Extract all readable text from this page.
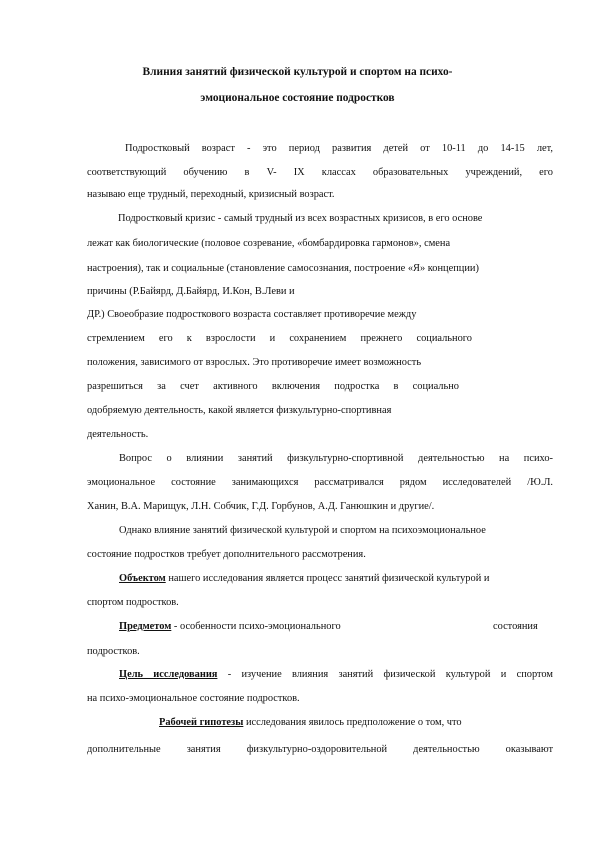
Влиния занятий физической культурой и спортом на психо-
эмоциональное состояние подростков
Подростковый возраст - это период развития детей от 10-11 до 14-15 лет,
соответствующий обучению в V- IX классах образовательных учреждений, его
называю еще трудный, переходный, кризисный возраст.
Подростковый кризис - самый трудный из всех возрастных кризисов, в его основе
лежат как биологические (половое созревание, «бомбардировка гармонов», смена
настроения), так и социальные (становление самосознания, построение «Я» концепции)
причины (Р.Байярд, Д.Байярд, И.Кон, В.Леви и
ДР.) Своеобразие подросткового возраста составляет противоречие между
стремлением его к взрослости и сохранением прежнего социального
положения, зависимого от взрослых. Это противоречие имеет возможность
разрешиться за счет активного включения подростка в социально
одобряемую деятельность, какой является физкультурно-спортивная
деятельность.
Вопрос о влиянии занятий физкультурно-спортивной деятельностью на психо-
эмоциональное состояние занимающихся рассматривался рядом исследователей /Ю.Л.
Ханин, В.А. Марищук, Л.Н. Собчик, Г.Д. Горбунов, А.Д. Ганюшкин и другие/.
Однако влияние занятий физической культурой и спортом на психоэмоциональное
состояние подростков требует дополнительного рассмотрения.
Объектом нашего исследования является процесс занятий физической культурой и
спортом подростков.
Предметом - особенности психо-эмоционального	состояния
подростков.
Цель исследования - изучение влияния занятий физической культурой и спортом
на психо-эмоциональное состояние подростков.
Рабочей гипотезы исследования явилось предположение о том, что
дополнительные занятия физкультурно-оздоровительной деятельностью оказывают
